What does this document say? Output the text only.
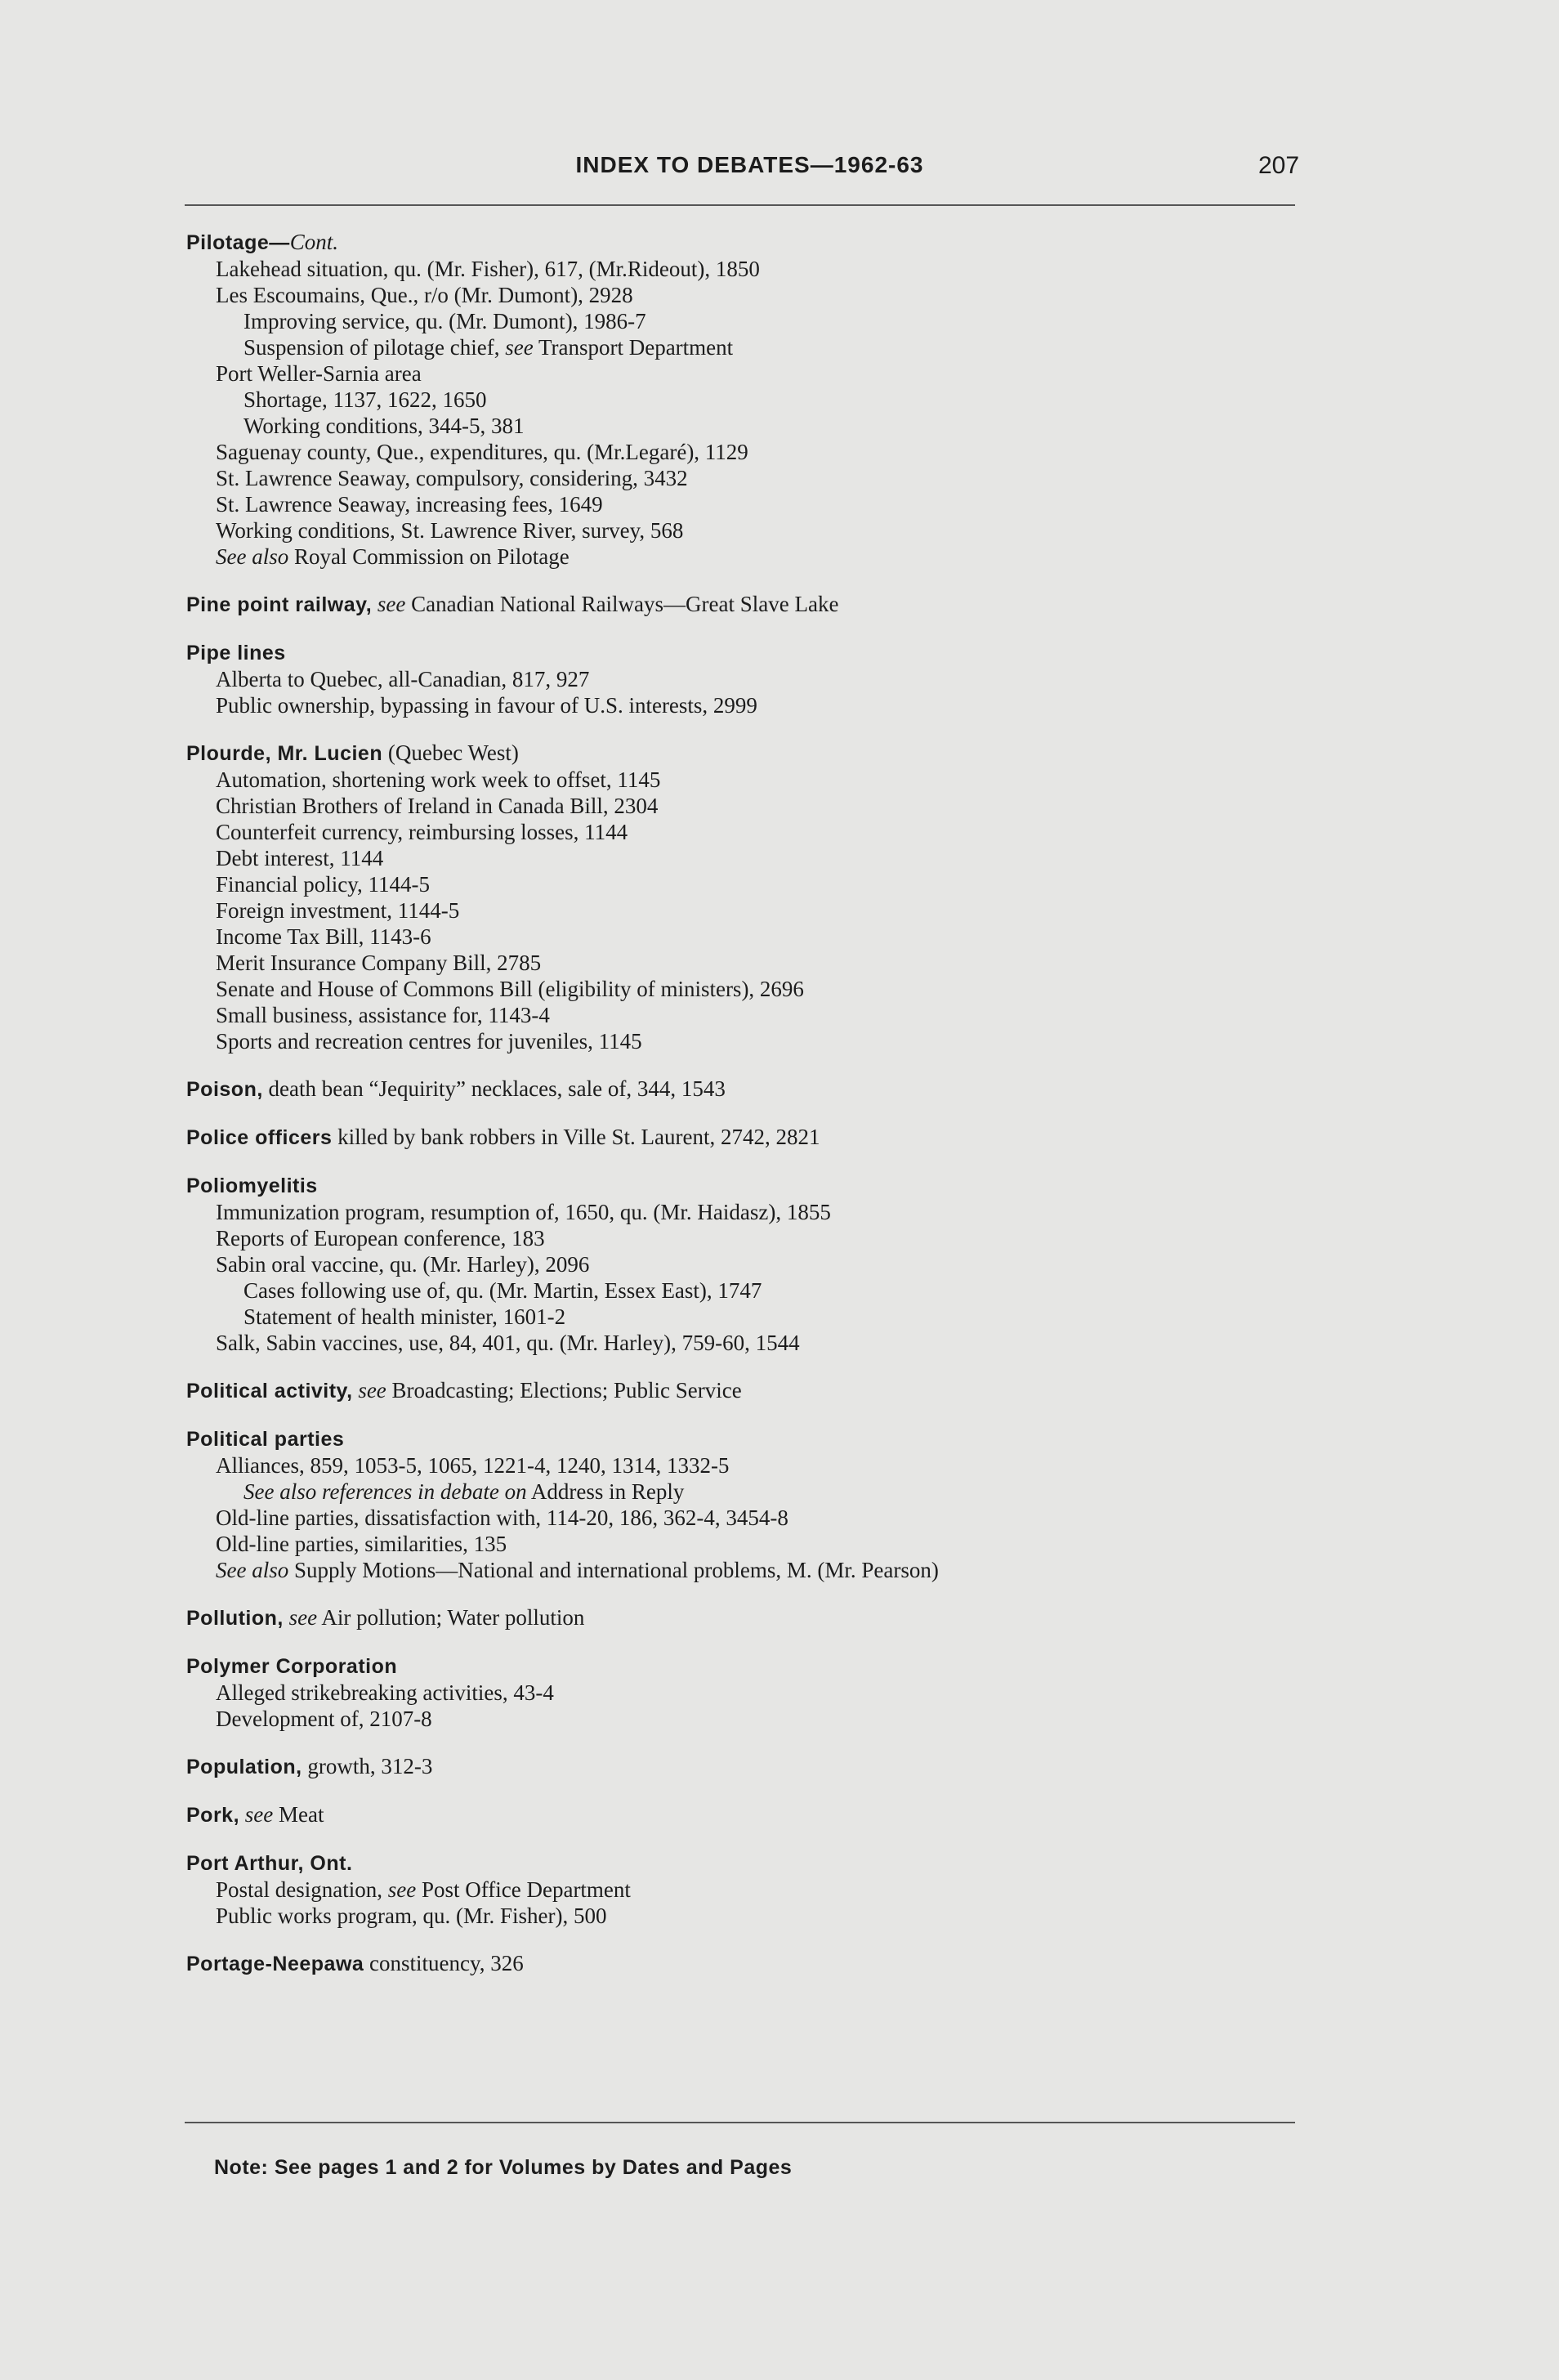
INDEX TO DEBATES—1962-63	207
Pilotage—Cont.
Lakehead situation, qu. (Mr. Fisher), 617, (Mr.Rideout), 1850
Les Escoumains, Que., r/o (Mr. Dumont), 2928
Improving service, qu. (Mr. Dumont), 1986-7
Suspension of pilotage chief, see Transport Department
Port Weller-Sarnia area
Shortage, 1137, 1622, 1650
Working conditions, 344-5, 381
Saguenay county, Que., expenditures, qu. (Mr.Legaré), 1129
St. Lawrence Seaway, compulsory, considering, 3432
St. Lawrence Seaway, increasing fees, 1649
Working conditions, St. Lawrence River, survey, 568
See also Royal Commission on Pilotage
Pine point railway, see Canadian National Railways—Great Slave Lake
Pipe lines
Alberta to Quebec, all-Canadian, 817, 927
Public ownership, bypassing in favour of U.S. interests, 2999
Plourde, Mr. Lucien (Quebec West)
Automation, shortening work week to offset, 1145
Christian Brothers of Ireland in Canada Bill, 2304
Counterfeit currency, reimbursing losses, 1144
Debt interest, 1144
Financial policy, 1144-5
Foreign investment, 1144-5
Income Tax Bill, 1143-6
Merit Insurance Company Bill, 2785
Senate and House of Commons Bill (eligibility of ministers), 2696
Small business, assistance for, 1143-4
Sports and recreation centres for juveniles, 1145
Poison, death bean “Jequirity” necklaces, sale of, 344, 1543
Police officers killed by bank robbers in Ville St. Laurent, 2742, 2821
Poliomyelitis
Immunization program, resumption of, 1650, qu. (Mr. Haidasz), 1855
Reports of European conference, 183
Sabin oral vaccine, qu. (Mr. Harley), 2096
Cases following use of, qu. (Mr. Martin, Essex East), 1747
Statement of health minister, 1601-2
Salk, Sabin vaccines, use, 84, 401, qu. (Mr. Harley), 759-60, 1544
Political activity, see Broadcasting; Elections; Public Service
Political parties
Alliances, 859, 1053-5, 1065, 1221-4, 1240, 1314, 1332-5
See also references in debate on Address in Reply
Old-line parties, dissatisfaction with, 114-20, 186, 362-4, 3454-8
Old-line parties, similarities, 135
See also Supply Motions—National and international problems, M. (Mr. Pearson)
Pollution, see Air pollution; Water pollution
Polymer Corporation
Alleged strikebreaking activities, 43-4
Development of, 2107-8
Population, growth, 312-3
Pork, see Meat
Port Arthur, Ont.
Postal designation, see Post Office Department
Public works program, qu. (Mr. Fisher), 500
Portage-Neepawa constituency, 326
Note: See pages 1 and 2 for Volumes by Dates and Pages
